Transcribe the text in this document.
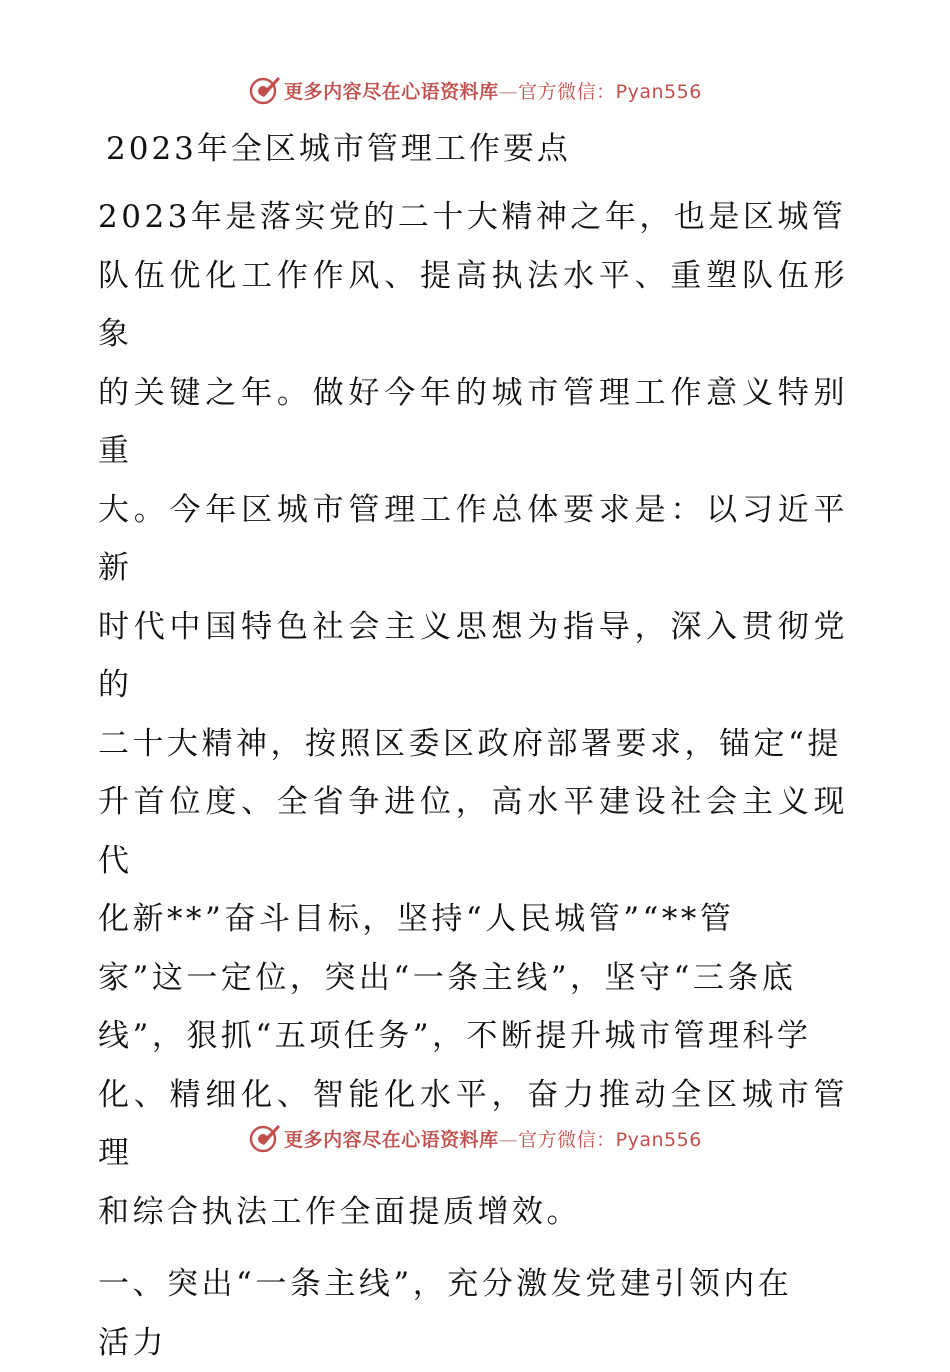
更多内容尽在心语资料库—官方微信：Pyan556
2023年全区城市管理工作要点
2023年是落实党的二十大精神之年，也是区城管
队伍优化工作作风、提高执法水平、重塑队伍形象
的关键之年。做好今年的城市管理工作意义特别重
大。今年区城市管理工作总体要求是：以习近平新
时代中国特色社会主义思想为指导，深入贯彻党的
二十大精神，按照区委区政府部署要求，锚定“提
升首位度、全省争进位，高水平建设社会主义现代
化新**”奋斗目标，坚持“人民城管”“**管
家”这一定位，突出“一条主线”，坚守“三条底
线”，狠抓“五项任务”，不断提升城市管理科学
化、精细化、智能化水平，奋力推动全区城市管理
和综合执法工作全面提质增效。
一、突出“一条主线”，充分激发党建引领内在
活力
更多内容尽在心语资料库—官方微信：Pyan556
